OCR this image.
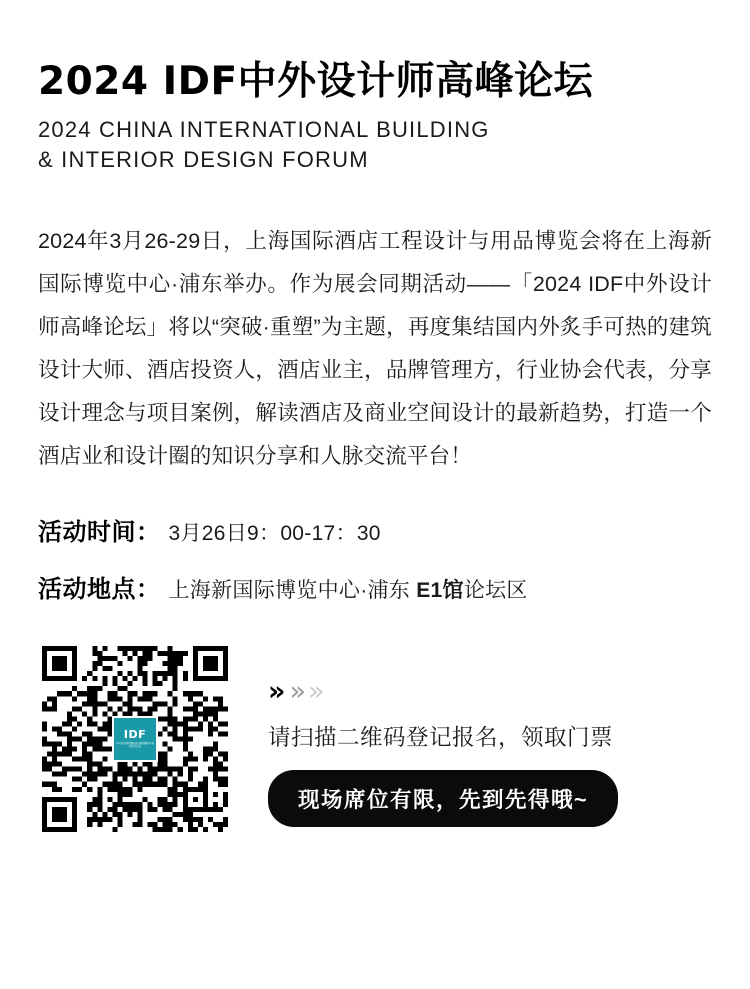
2024 IDF中外设计师高峰论坛
2024 CHINA INTERNATIONAL BUILDING
& INTERIOR DESIGN FORUM

2024年3月26-29日，上海国际酒店工程设计与用品博览会将在上海新国际博览中心·浦东举办。作为展会同期活动——「2024 IDF中外设计师高峰论坛」将以“突破·重塑”为主题，再度集结国内外炙手可热的建筑设计大师、酒店投资人，酒店业主，品牌管理方，行业协会代表，分享设计理念与项目案例，解读酒店及商业空间设计的最新趋势，打造一个酒店业和设计圈的知识分享和人脉交流平台！

活动时间： 3月26日9：00-17：30
活动地点： 上海新国际博览中心·浦东 E1馆论坛区
IDF
中外设计师高峰论坛 国际建筑与室内设计论坛
» » »
请扫描二维码登记报名，领取门票
现场席位有限，先到先得哦~
